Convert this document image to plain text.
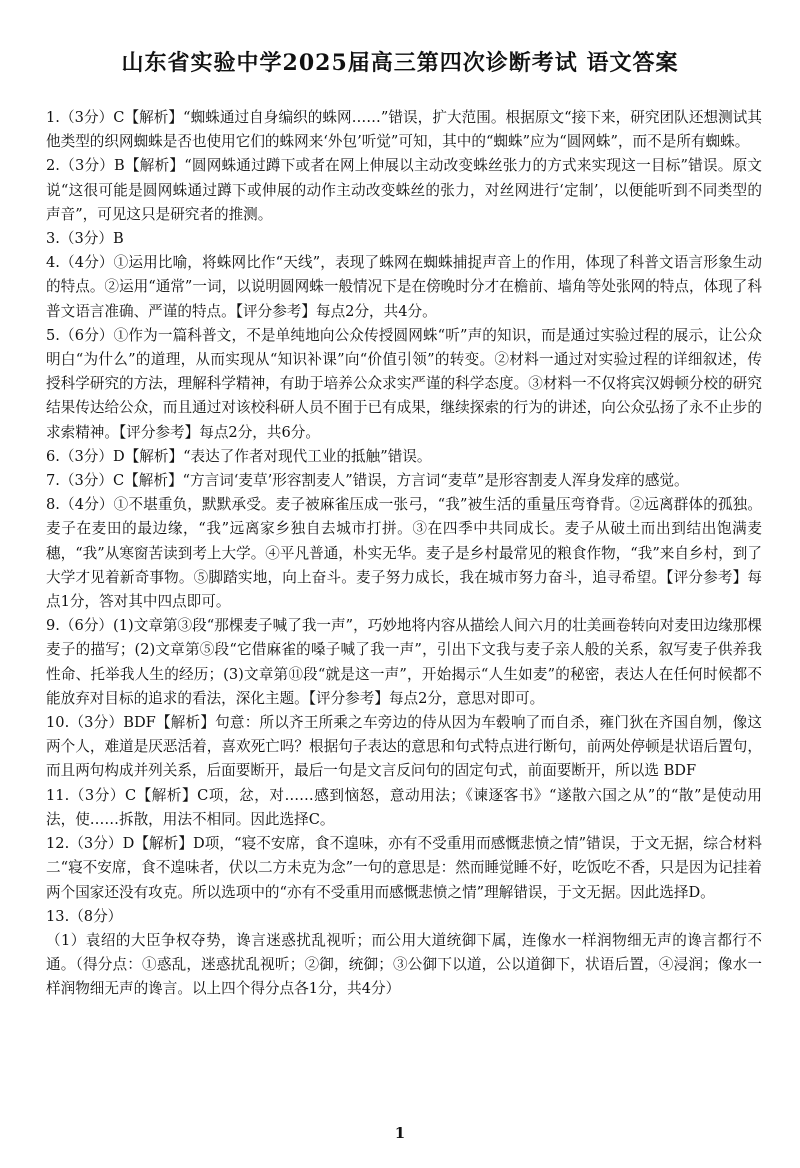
山东省实验中学2025届高三第四次诊断考试 语文答案

1.（3分）C【解析】“蜘蛛通过自身编织的蛛网……”错误，扩大范围。根据原文“接下来，研究团队还想测试其他类型的织网蜘蛛是否也使用它们的蛛网来‘外包’听觉”可知，其中的“蜘蛛”应为“圆网蛛”，而不是所有蜘蛛。

2.（3分）B【解析】“圆网蛛通过蹲下或者在网上伸展以主动改变蛛丝张力的方式来实现这一目标”错误。原文说“这很可能是圆网蛛通过蹲下或伸展的动作主动改变蛛丝的张力，对丝网进行‘定制’，以便能听到不同类型的声音”，可见这只是研究者的推测。

3.（3分）B

4.（4分）①运用比喻，将蛛网比作“天线”，表现了蛛网在蜘蛛捕捉声音上的作用，体现了科普文语言形象生动的特点。②运用“通常”一词，以说明圆网蛛一般情况下是在傍晚时分才在檐前、墙角等处张网的特点，体现了科普文语言准确、严谨的特点。【评分参考】每点2分，共4分。

5.（6分）①作为一篇科普文，不是单纯地向公众传授圆网蛛“听”声的知识，而是通过实验过程的展示，让公众明白“为什么”的道理，从而实现从“知识补课”向“价值引领”的转变。②材料一通过对实验过程的详细叙述，传授科学研究的方法，理解科学精神，有助于培养公众求实严谨的科学态度。③材料一不仅将宾汉姆顿分校的研究结果传达给公众，而且通过对该校科研人员不囿于已有成果，继续探索的行为的讲述，向公众弘扬了永不止步的求索精神。【评分参考】每点2分，共6分。

6.（3分）D【解析】“表达了作者对现代工业的抵触”错误。

7.（3分）C【解析】“方言词‘麦草’形容割麦人”错误，方言词“麦草”是形容割麦人浑身发痒的感觉。

8.（4分）①不堪重负，默默承受。麦子被麻雀压成一张弓，“我”被生活的重量压弯脊背。②远离群体的孤独。麦子在麦田的最边缘，“我”远离家乡独自去城市打拼。③在四季中共同成长。麦子从破土而出到结出饱满麦穗，“我”从寒窗苦读到考上大学。④平凡普通，朴实无华。麦子是乡村最常见的粮食作物，“我”来自乡村，到了大学才见着新奇事物。⑤脚踏实地，向上奋斗。麦子努力成长，我在城市努力奋斗，追寻希望。【评分参考】每点1分，答对其中四点即可。

9.（6分）(1)文章第③段“那棵麦子喊了我一声”，巧妙地将内容从描绘人间六月的壮美画卷转向对麦田边缘那棵麦子的描写；(2)文章第⑤段“它借麻雀的嗓子喊了我一声”，引出下文我与麦子亲人般的关系，叙写麦子供养我性命、托举我人生的经历；(3)文章第⑪段“就是这一声”，开始揭示“人生如麦”的秘密，表达人在任何时候都不能放弃对目标的追求的看法，深化主题。【评分参考】每点2分，意思对即可。

10.（3分）BDF【解析】句意：所以齐王所乘之车旁边的侍从因为车毂响了而自杀，雍门狄在齐国自刎，像这两个人，难道是厌恶活着，喜欢死亡吗？根据句子表达的意思和句式特点进行断句，前两处停顿是状语后置句，而且两句构成并列关系，后面要断开，最后一句是文言反问句的固定句式，前面要断开，所以选 BDF

11.（3分）C【解析】C项，忿，对……感到恼怒，意动用法；《谏逐客书》“遂散六国之从”的“散”是使动用法，使……拆散，用法不相同。因此选择C。

12.（3分）D【解析】D项，“寝不安席，食不遑味，亦有不受重用而感慨悲愤之情”错误，于文无据，综合材料二“寝不安席，食不遑味者，伏以二方未克为念”一句的意思是：然而睡觉睡不好，吃饭吃不香，只是因为记挂着两个国家还没有攻克。所以选项中的“亦有不受重用而感慨悲愤之情”理解错误，于文无据。因此选择D。

13.（8分）

（1）袁绍的大臣争权夺势，谗言迷惑扰乱视听；而公用大道统御下属，连像水一样润物细无声的谗言都行不通。（得分点：①惑乱，迷惑扰乱视听；②御，统御；③公御下以道，公以道御下，状语后置，④浸润；像水一样润物细无声的谗言。以上四个得分点各1分，共4分）

1
